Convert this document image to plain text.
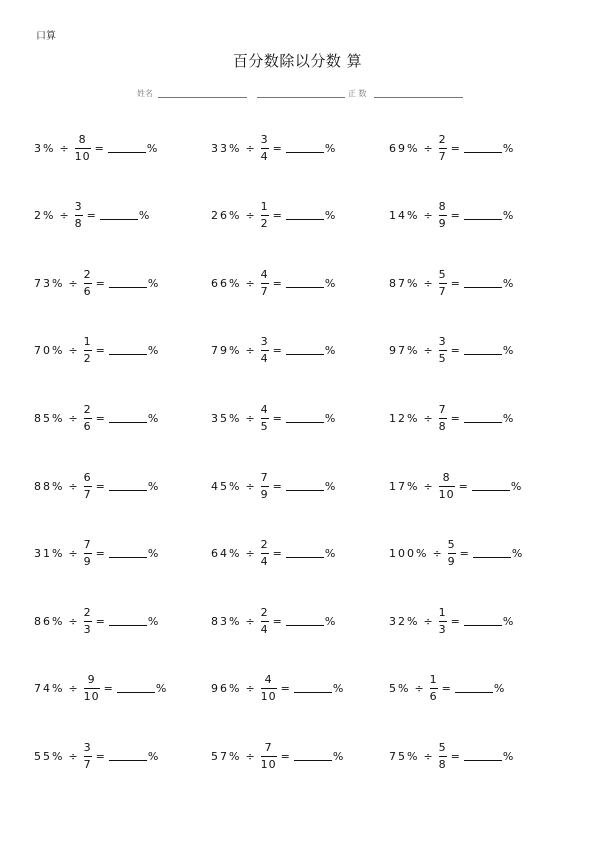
口算
百分数除以分数 算
姓名	正 数
$3\% \div \frac{8}{10}$ =	%	$33\% \div \frac{3}{4}$ =	%	$69\% \div \frac{2}{7}$ =	%
$2\% \div \frac{3}{8}$ =	%	$26\% \div \frac{1}{2}$ =	%	$14\% \div \frac{8}{9}$ =	%
$73\% \div \frac{2}{6}$ =	%	$66\% \div \frac{4}{7}$ =	%	$87\% \div \frac{5}{7}$ =	%
$70\% \div \frac{1}{2}$ =	%	$79\% \div \frac{3}{4}$ =	%	$97\% \div \frac{3}{5}$ =	%
$85\% \div \frac{2}{6}$ =	%	$35\% \div \frac{4}{5}$ =	%	$12\% \div \frac{7}{8}$ =	%
$88\% \div \frac{6}{7}$ =	%	$45\% \div \frac{7}{9}$ =	%	$17\% \div \frac{8}{10}$ =	%
$31\% \div \frac{7}{9}$ =	%	$64\% \div \frac{2}{4}$ =	%	$100\% \div \frac{5}{9}$ =	%
$86\% \div \frac{2}{3}$ =	%	$83\% \div \frac{2}{4}$ =	%	$32\% \div \frac{1}{3}$ =	%
$74\% \div \frac{9}{10}$ =	%	$96\% \div \frac{4}{10}$ =	%	$5\% \div \frac{1}{6}$ =	%
$55\% \div \frac{3}{7}$ =	%	$57\% \div \frac{7}{10}$ =	%	$75\% \div \frac{5}{8}$ =	%
